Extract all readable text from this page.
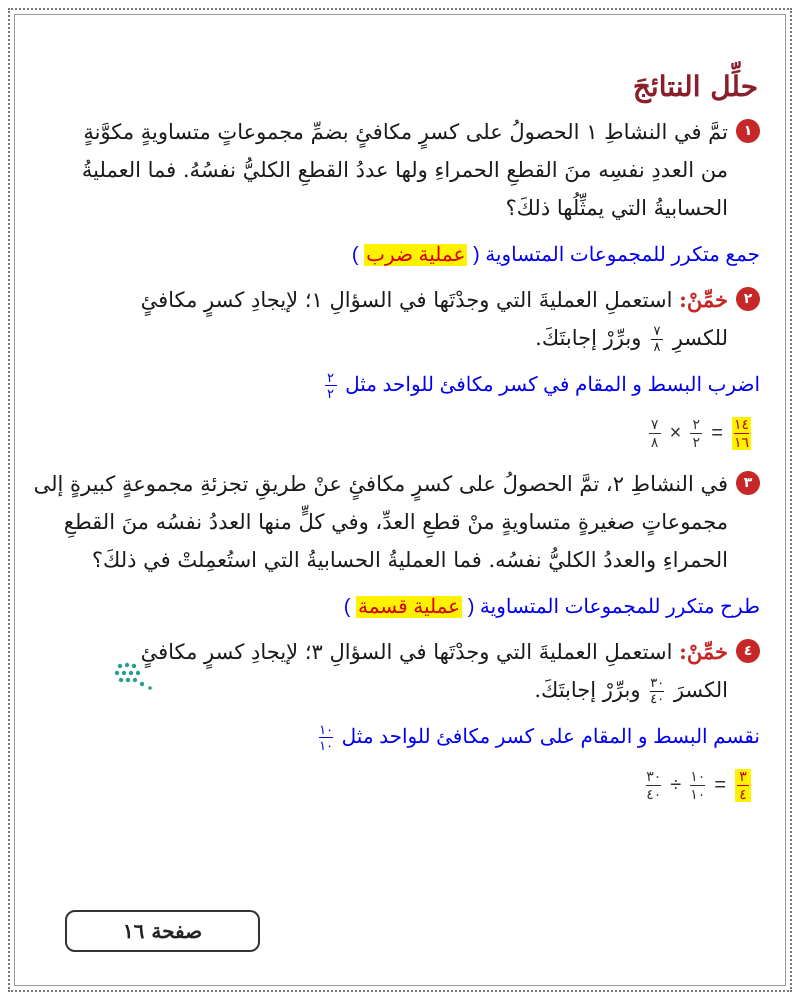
حلِّل النتائجَ
١
تمَّ في النشاطِ ١ الحصولُ على كسرٍ مكافئٍ بضمِّ مجموعاتٍ متساويةٍ مكوَّنةٍ
من العددِ نفسِه منَ القطعِ الحمراءِ ولها عددُ القطعِ الكليُّ نفسُهُ. فما العمليةُ
الحسابيةُ التي يمثِّلُها ذلكَ؟
جمع متكرر للمجموعات المتساوية ( عملية ضرب )
٢
خمِّنْ: استعملِ العمليةَ التي وجدْتَها في السؤالِ ١؛ لإيجادِ كسرٍ مكافئٍ
للكسرِ
$\frac{٧}{٨}$
وبرِّرْ إجابتَكَ.
اضرب البسط و المقام في كسر مكافئ للواحد مثل
$\frac{٢}{٢}$
$\frac{١٤}{١٦}$
=
$\frac{٢}{٢}$
×
$\frac{٧}{٨}$
٣
في النشاطِ ٢، تمَّ الحصولُ على كسرٍ مكافئٍ عنْ طريقِ تجزئةِ مجموعةٍ كبيرةٍ إلى
مجموعاتٍ صغيرةٍ متساويةٍ منْ قطعِ العدِّ، وفي كلٍّ منها العددُ نفسُه منَ القطعِ
الحمراءِ والعددُ الكليُّ نفسُه. فما العمليةُ الحسابيةُ التي استُعمِلتْ في ذلكَ؟
طرح متكرر للمجموعات المتساوية ( عملية قسمة )
٤
خمِّنْ: استعملِ العمليةَ التي وجدْتَها في السؤالِ ٣؛ لإيجادِ كسرٍ مكافئٍ
الكسرَ
$\frac{٣٠}{٤٠}$
وبرِّرْ إجابتَكَ.
نقسم البسط و المقام على كسر مكافئ للواحد مثل
$\frac{١٠}{١٠}$
$\frac{٣}{٤}$
=
$\frac{١٠}{١٠}$
÷
$\frac{٣٠}{٤٠}$
صفحة ١٦
